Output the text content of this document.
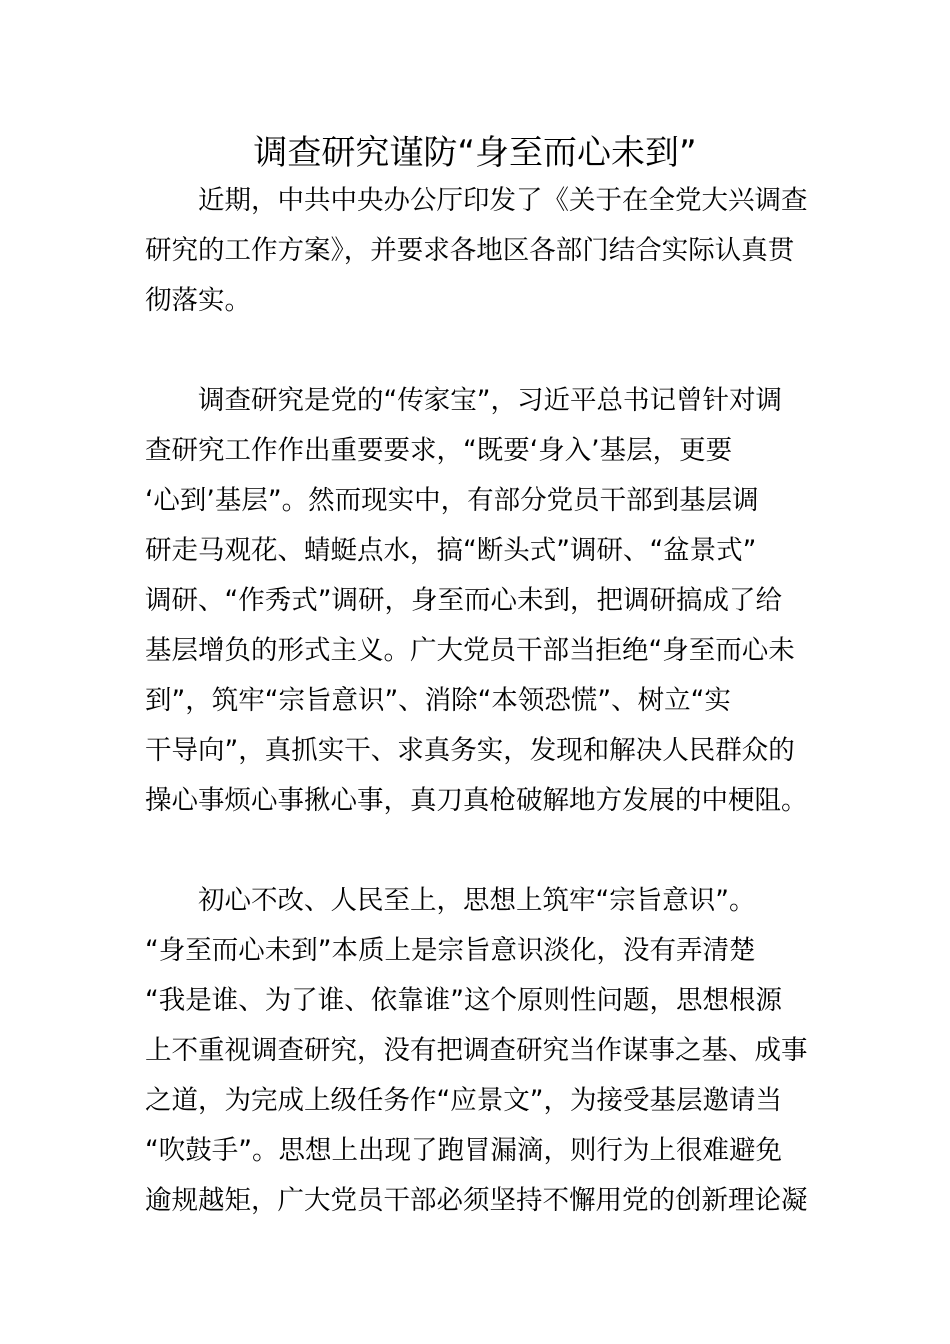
调查研究谨防“身至而心未到”
　　近期，中共中央办公厅印发了《关于在全党大兴调查
研究的工作方案》，并要求各地区各部门结合实际认真贯
彻落实。
　　调查研究是党的“传家宝”，习近平总书记曾针对调
查研究工作作出重要要求，“既要‘身入’基层，更要
‘心到’基层”。然而现实中，有部分党员干部到基层调
研走马观花、蜻蜓点水，搞“断头式”调研、“盆景式”
调研、“作秀式”调研，身至而心未到，把调研搞成了给
基层增负的形式主义。广大党员干部当拒绝“身至而心未
到”，筑牢“宗旨意识”、消除“本领恐慌”、树立“实
干导向”，真抓实干、求真务实，发现和解决人民群众的
操心事烦心事揪心事，真刀真枪破解地方发展的中梗阻。
　　初心不改、人民至上，思想上筑牢“宗旨意识”。
“身至而心未到”本质上是宗旨意识淡化，没有弄清楚
“我是谁、为了谁、依靠谁”这个原则性问题，思想根源
上不重视调查研究，没有把调查研究当作谋事之基、成事
之道，为完成上级任务作“应景文”，为接受基层邀请当
“吹鼓手”。思想上出现了跑冒漏滴，则行为上很难避免
逾规越矩，广大党员干部必须坚持不懈用党的创新理论凝
